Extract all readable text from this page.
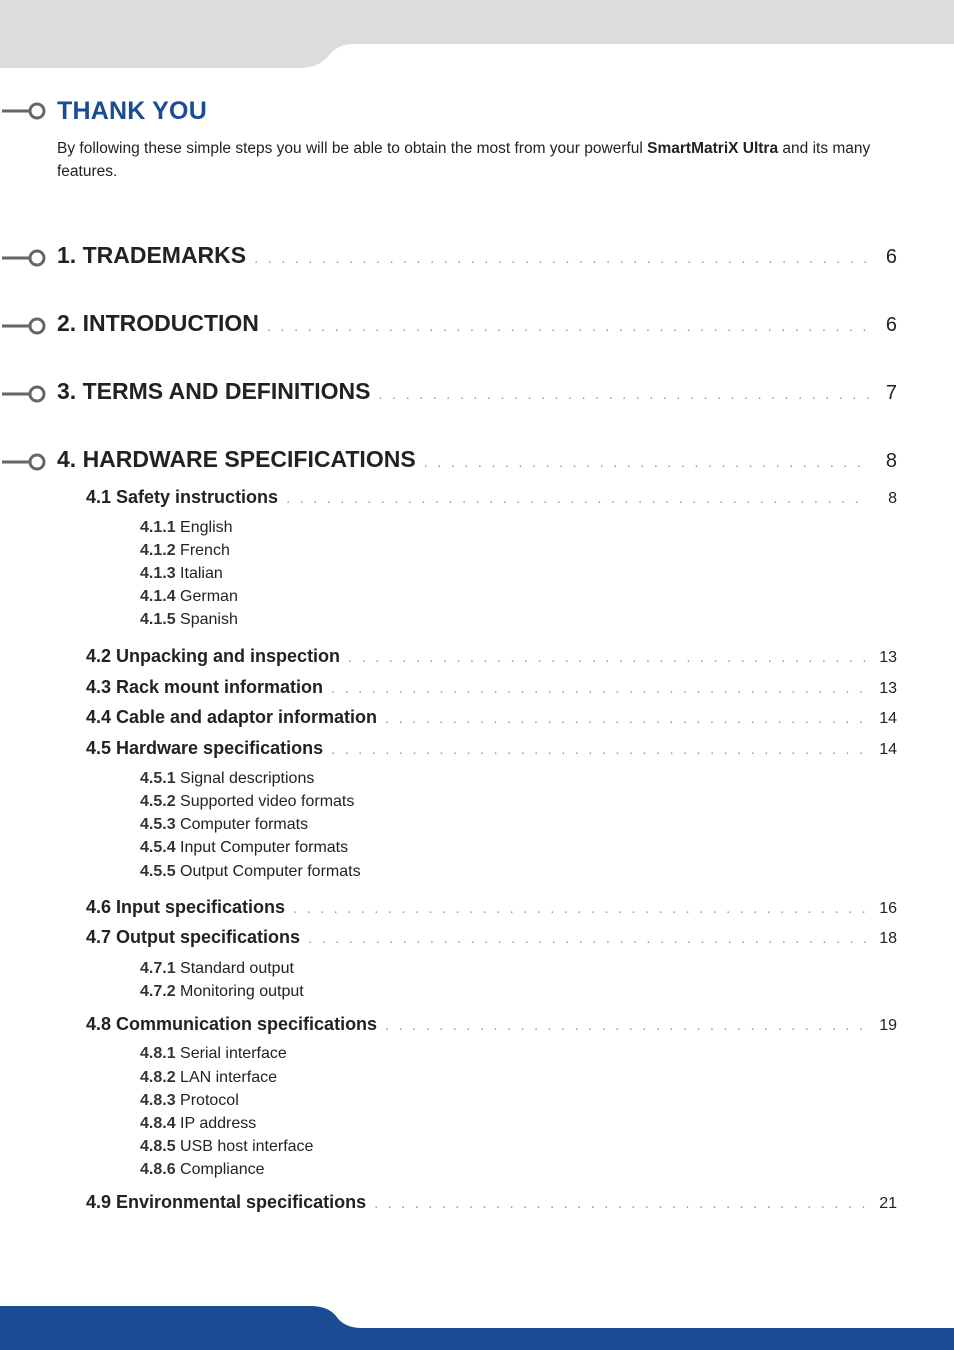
THANK YOU
By following these simple steps you will be able to obtain the most from your powerful SmartMatriX Ultra and its many features.
1. TRADEMARKS . . .	6
2. INTRODUCTION . . .	6
3. TERMS AND DEFINITIONS . . .	7
4. HARDWARE SPECIFICATIONS . . .	8
4.1 Safety instructions . . .	8
4.1.1 English
4.1.2 French
4.1.3 Italian
4.1.4 German
4.1.5 Spanish
4.2 Unpacking and inspection . . .	13
4.3 Rack mount information . . .	13
4.4 Cable and adaptor information . . .	14
4.5 Hardware specifications . . .	14
4.5.1 Signal descriptions
4.5.2 Supported video formats
4.5.3 Computer formats
4.5.4 Input Computer formats
4.5.5 Output Computer formats
4.6 Input specifications . . .	16
4.7 Output specifications . . .	18
4.7.1 Standard output
4.7.2 Monitoring output
4.8 Communication specifications . . .	19
4.8.1 Serial interface
4.8.2 LAN interface
4.8.3 Protocol
4.8.4 IP address
4.8.5 USB host interface
4.8.6 Compliance
4.9 Environmental specifications . . .	21
